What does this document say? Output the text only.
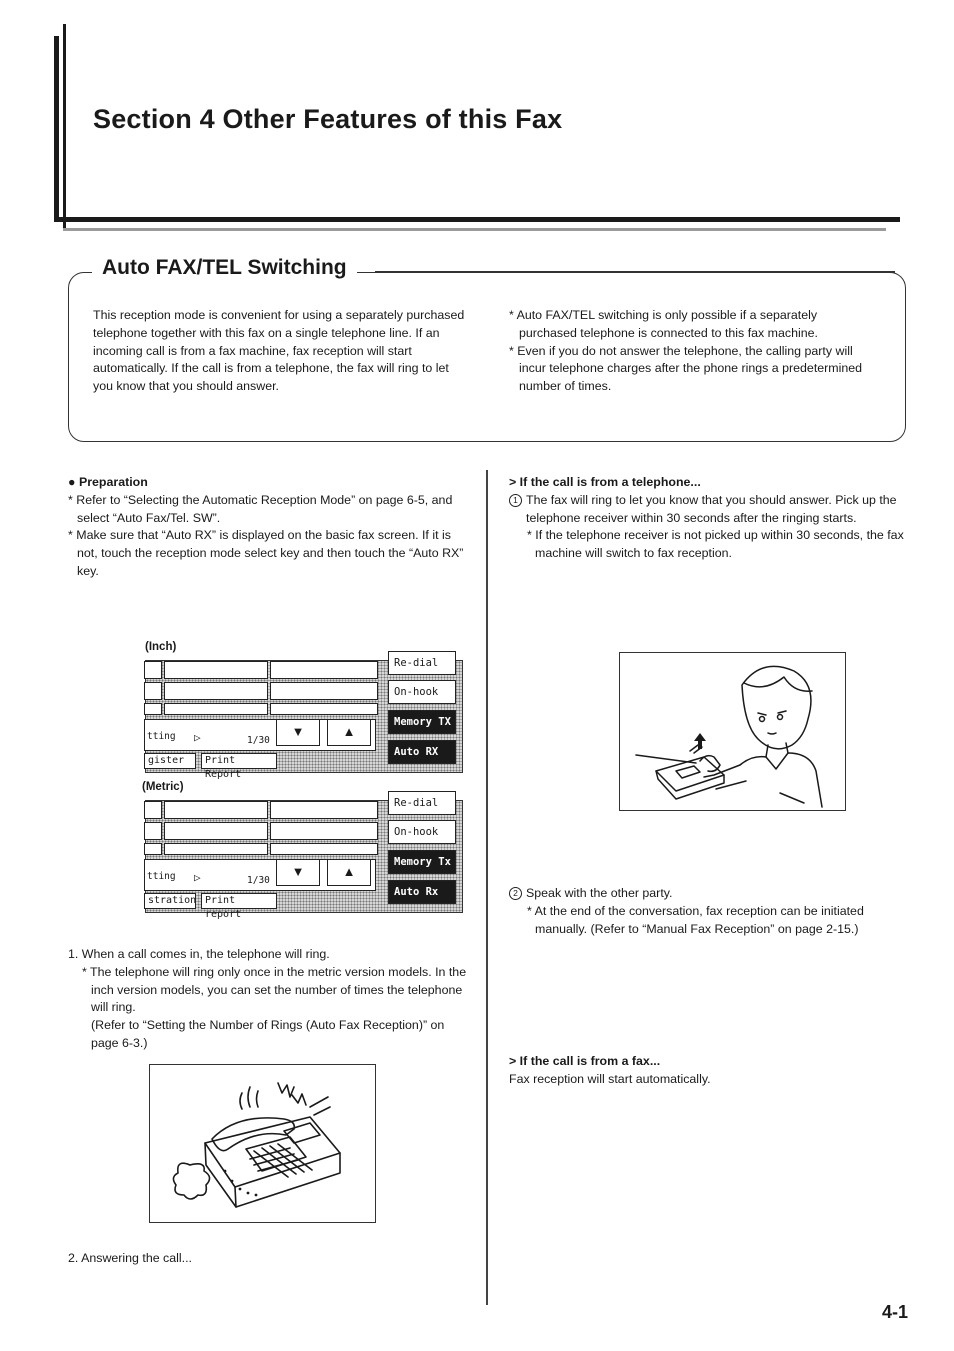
Section 4 Other Features of this Fax
Auto FAX/TEL Switching
This reception mode is convenient for using a separately purchased telephone together with this fax on a single telephone line. If an incoming call is from a fax machine, fax reception will start automatically. If the call is from a telephone, the fax will ring to let you know that you should answer.
* Auto FAX/TEL switching is only possible if a separately purchased telephone is connected to this fax machine.
* Even if you do not answer the telephone, the calling party will incur telephone charges after the phone rings a predetermined number of times.
● Preparation
* Refer to “Selecting the Automatic Reception Mode” on page 6-5, and select “Auto Fax/Tel. SW”.
* Make sure that “Auto RX” is displayed on the basic fax screen. If it is not, touch the reception mode select key and then touch the “Auto RX” key.
(Inch)
tting ▷	1/30
▼	▲
gister	Print Report
Re-dial
On-hook
Memory TX
Auto RX
(Metric)
tting ▷	1/30
▼	▲
stration Print report
Re-dial
On-hook
Memory Tx
Auto Rx
1. When a call comes in, the telephone will ring.
* The telephone will ring only once in the metric version models. In the inch version models, you can set the number of times the telephone will ring.
(Refer to “Setting the Number of Rings (Auto Fax Reception)” on page 6-3.)
2. Answering the call...
> If the call is from a telephone...
1 The fax will ring to let you know that you should answer. Pick up the telephone receiver within 30 seconds after the ringing starts.
* If the telephone receiver is not picked up within 30 seconds, the fax machine will switch to fax reception.
2 Speak with the other party.
* At the end of the conversation, fax reception can be initiated manually. (Refer to “Manual Fax Reception” on page 2-15.)
> If the call is from a fax...
Fax reception will start automatically.
4-1
